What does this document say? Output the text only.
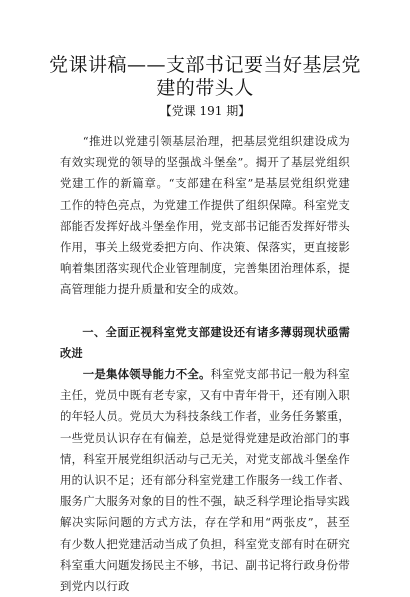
党课讲稿——支部书记要当好基层党建的带头人
【党课 191 期】

“推进以党建引领基层治理，把基层党组织建设成为有效实现党的领导的坚强战斗堡垒”。揭开了基层党组织党建工作的新篇章。“支部建在科室”是基层党组织党建工作的特色亮点，为党建工作提供了组织保障。科室党支部能否发挥好战斗堡垒作用，党支部书记能否发挥好带头作用，事关上级党委把方向、作决策、保落实，更直接影响着集团落实现代企业管理制度，完善集团治理体系，提高管理能力提升质量和安全的成效。

一、全面正视科室党支部建设还有诸多薄弱现状亟需改进

一是集体领导能力不全。科室党支部书记一般为科室主任，党员中既有老专家，又有中青年骨干，还有刚入职的年轻人员。党员大为科技条线工作者，业务任务繁重，一些党员认识存在有偏差，总是觉得党建是政治部门的事情，科室开展党组织活动与己无关，对党支部战斗堡垒作用的认识不足；还有部分科室党建工作服务一线工作者、服务广大服务对象的目的性不强，缺乏科学理论指导实践解决实际问题的方式方法，存在学和用“两张皮”，甚至有少数人把党建活动当成了负担，科室党支部有时在研究科室重大问题发扬民主不够，书记、副书记将行政身份带到党内以行政
